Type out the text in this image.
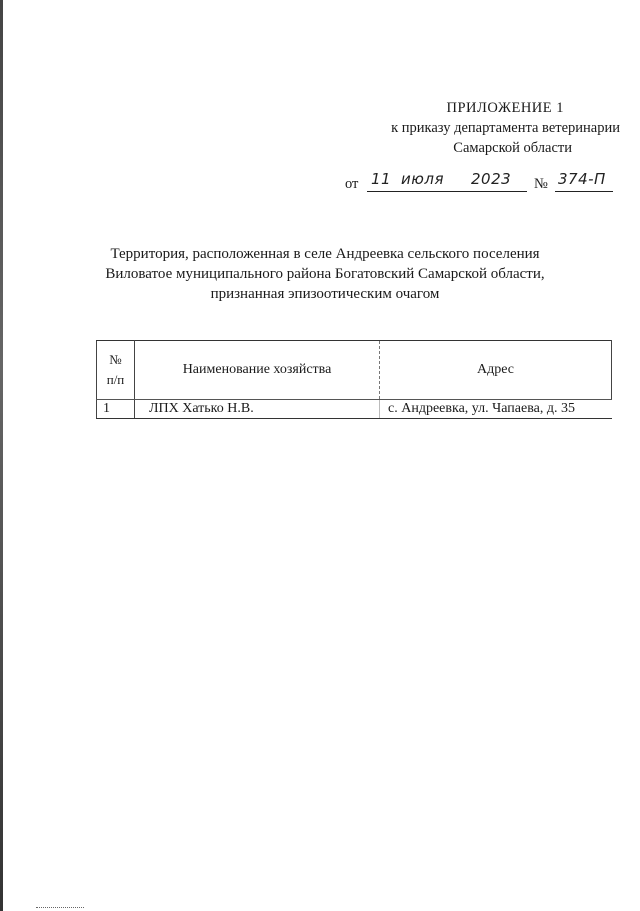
ПРИЛОЖЕНИЕ 1
к приказу департамента ветеринарии
Самарской области
от 11 июля 2023 № 374-П
Территория, расположенная в селе Андреевка сельского поселения
Виловатое муниципального района Богатовский Самарской области,
признанная эпизоотическим очагом
№
п/п	Наименование хозяйства	Адрес
1	ЛПХ Хатько Н.В.	с. Андреевка, ул. Чапаева, д. 35
